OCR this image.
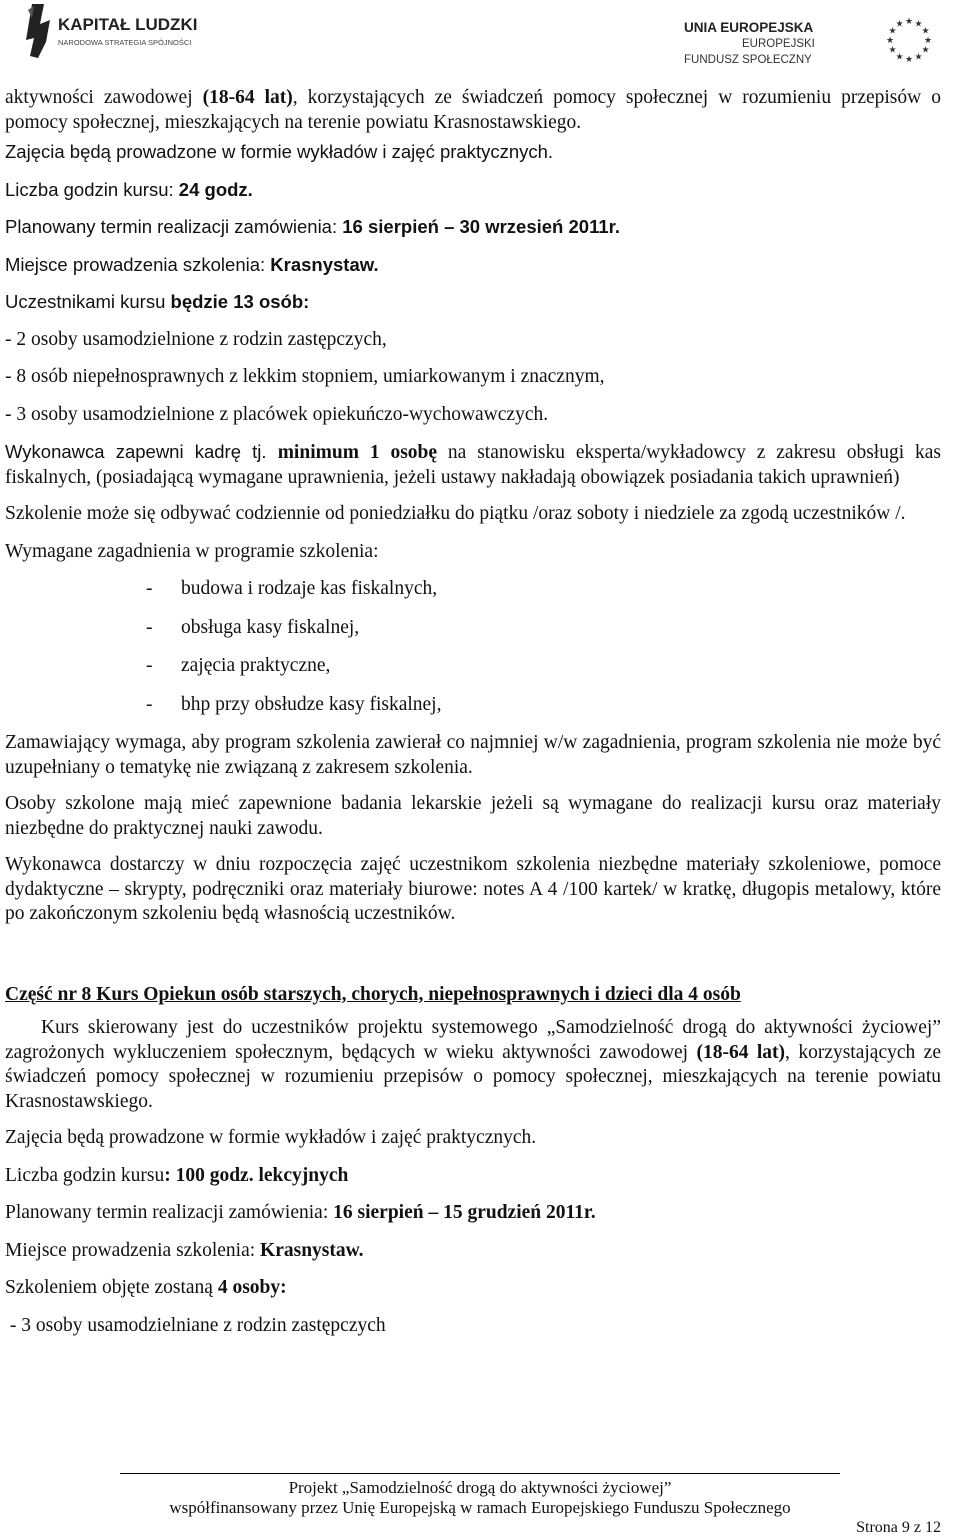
KAPITAŁ LUDZKI
NARODOWA STRATEGIA SPÓJNOŚCI
UNIA EUROPEJSKA
EUROPEJSKI
FUNDUSZ SPOŁECZNY
★
★
★
★
★
★
★
★
★ ★ ★
★

aktywności zawodowej (18-64 lat), korzystających ze świadczeń pomocy społecznej w rozumieniu przepisów o pomocy społecznej, mieszkających na terenie powiatu Krasnostawskiego.

Zajęcia będą prowadzone w formie wykładów i zajęć praktycznych.

Liczba godzin kursu: 24 godz.

Planowany termin realizacji zamówienia: 16 sierpień – 30 wrzesień 2011r.

Miejsce prowadzenia szkolenia: Krasnystaw.

Uczestnikami kursu będzie 13 osób:

- 2 osoby usamodzielnione z rodzin zastępczych,

- 8 osób niepełnosprawnych z lekkim stopniem, umiarkowanym i znacznym,

- 3 osoby usamodzielnione z placówek opiekuńczo-wychowawczych.

Wykonawca zapewni kadrę tj. minimum 1 osobę na stanowisku eksperta/wykładowcy z zakresu obsługi kas fiskalnych, (posiadającą wymagane uprawnienia, jeżeli ustawy nakładają obowiązek posiadania takich uprawnień)

Szkolenie może się odbywać codziennie od poniedziałku do piątku /oraz soboty i niedziele za zgodą uczestników /.

Wymagane zagadnienia w programie szkolenia:

-	budowa i rodzaje kas fiskalnych,
-	obsługa kasy fiskalnej,
-	zajęcia praktyczne,
-	bhp przy obsłudze kasy fiskalnej,

Zamawiający wymaga, aby program szkolenia zawierał co najmniej w/w zagadnienia, program szkolenia nie może być uzupełniany o tematykę nie związaną z zakresem szkolenia.

Osoby szkolone mają mieć zapewnione badania lekarskie jeżeli są wymagane do realizacji kursu oraz materiały niezbędne do praktycznej nauki zawodu.

Wykonawca dostarczy w dniu rozpoczęcia zajęć uczestnikom szkolenia niezbędne materiały szkoleniowe, pomoce dydaktyczne – skrypty, podręczniki oraz materiały biurowe: notes A 4 /100 kartek/ w kratkę, długopis metalowy, które po zakończonym szkoleniu będą własnością uczestników.

Część nr 8 Kurs Opiekun osób starszych, chorych, niepełnosprawnych i dzieci dla 4 osób

Kurs skierowany jest do uczestników projektu systemowego „Samodzielność drogą do aktywności życiowej” zagrożonych wykluczeniem społecznym, będących w wieku aktywności zawodowej (18-64 lat), korzystających ze świadczeń pomocy społecznej w rozumieniu przepisów o pomocy społecznej, mieszkających na terenie powiatu Krasnostawskiego.

Zajęcia będą prowadzone w formie wykładów i zajęć praktycznych.

Liczba godzin kursu: 100 godz. lekcyjnych

Planowany termin realizacji zamówienia: 16 sierpień – 15 grudzień 2011r.

Miejsce prowadzenia szkolenia: Krasnystaw.

Szkoleniem objęte zostaną 4 osoby:

- 3 osoby usamodzielniane z rodzin zastępczych

Projekt „Samodzielność drogą do aktywności życiowej”
współfinansowany przez Unię Europejską w ramach Europejskiego Funduszu Społecznego
Strona 9 z 12
